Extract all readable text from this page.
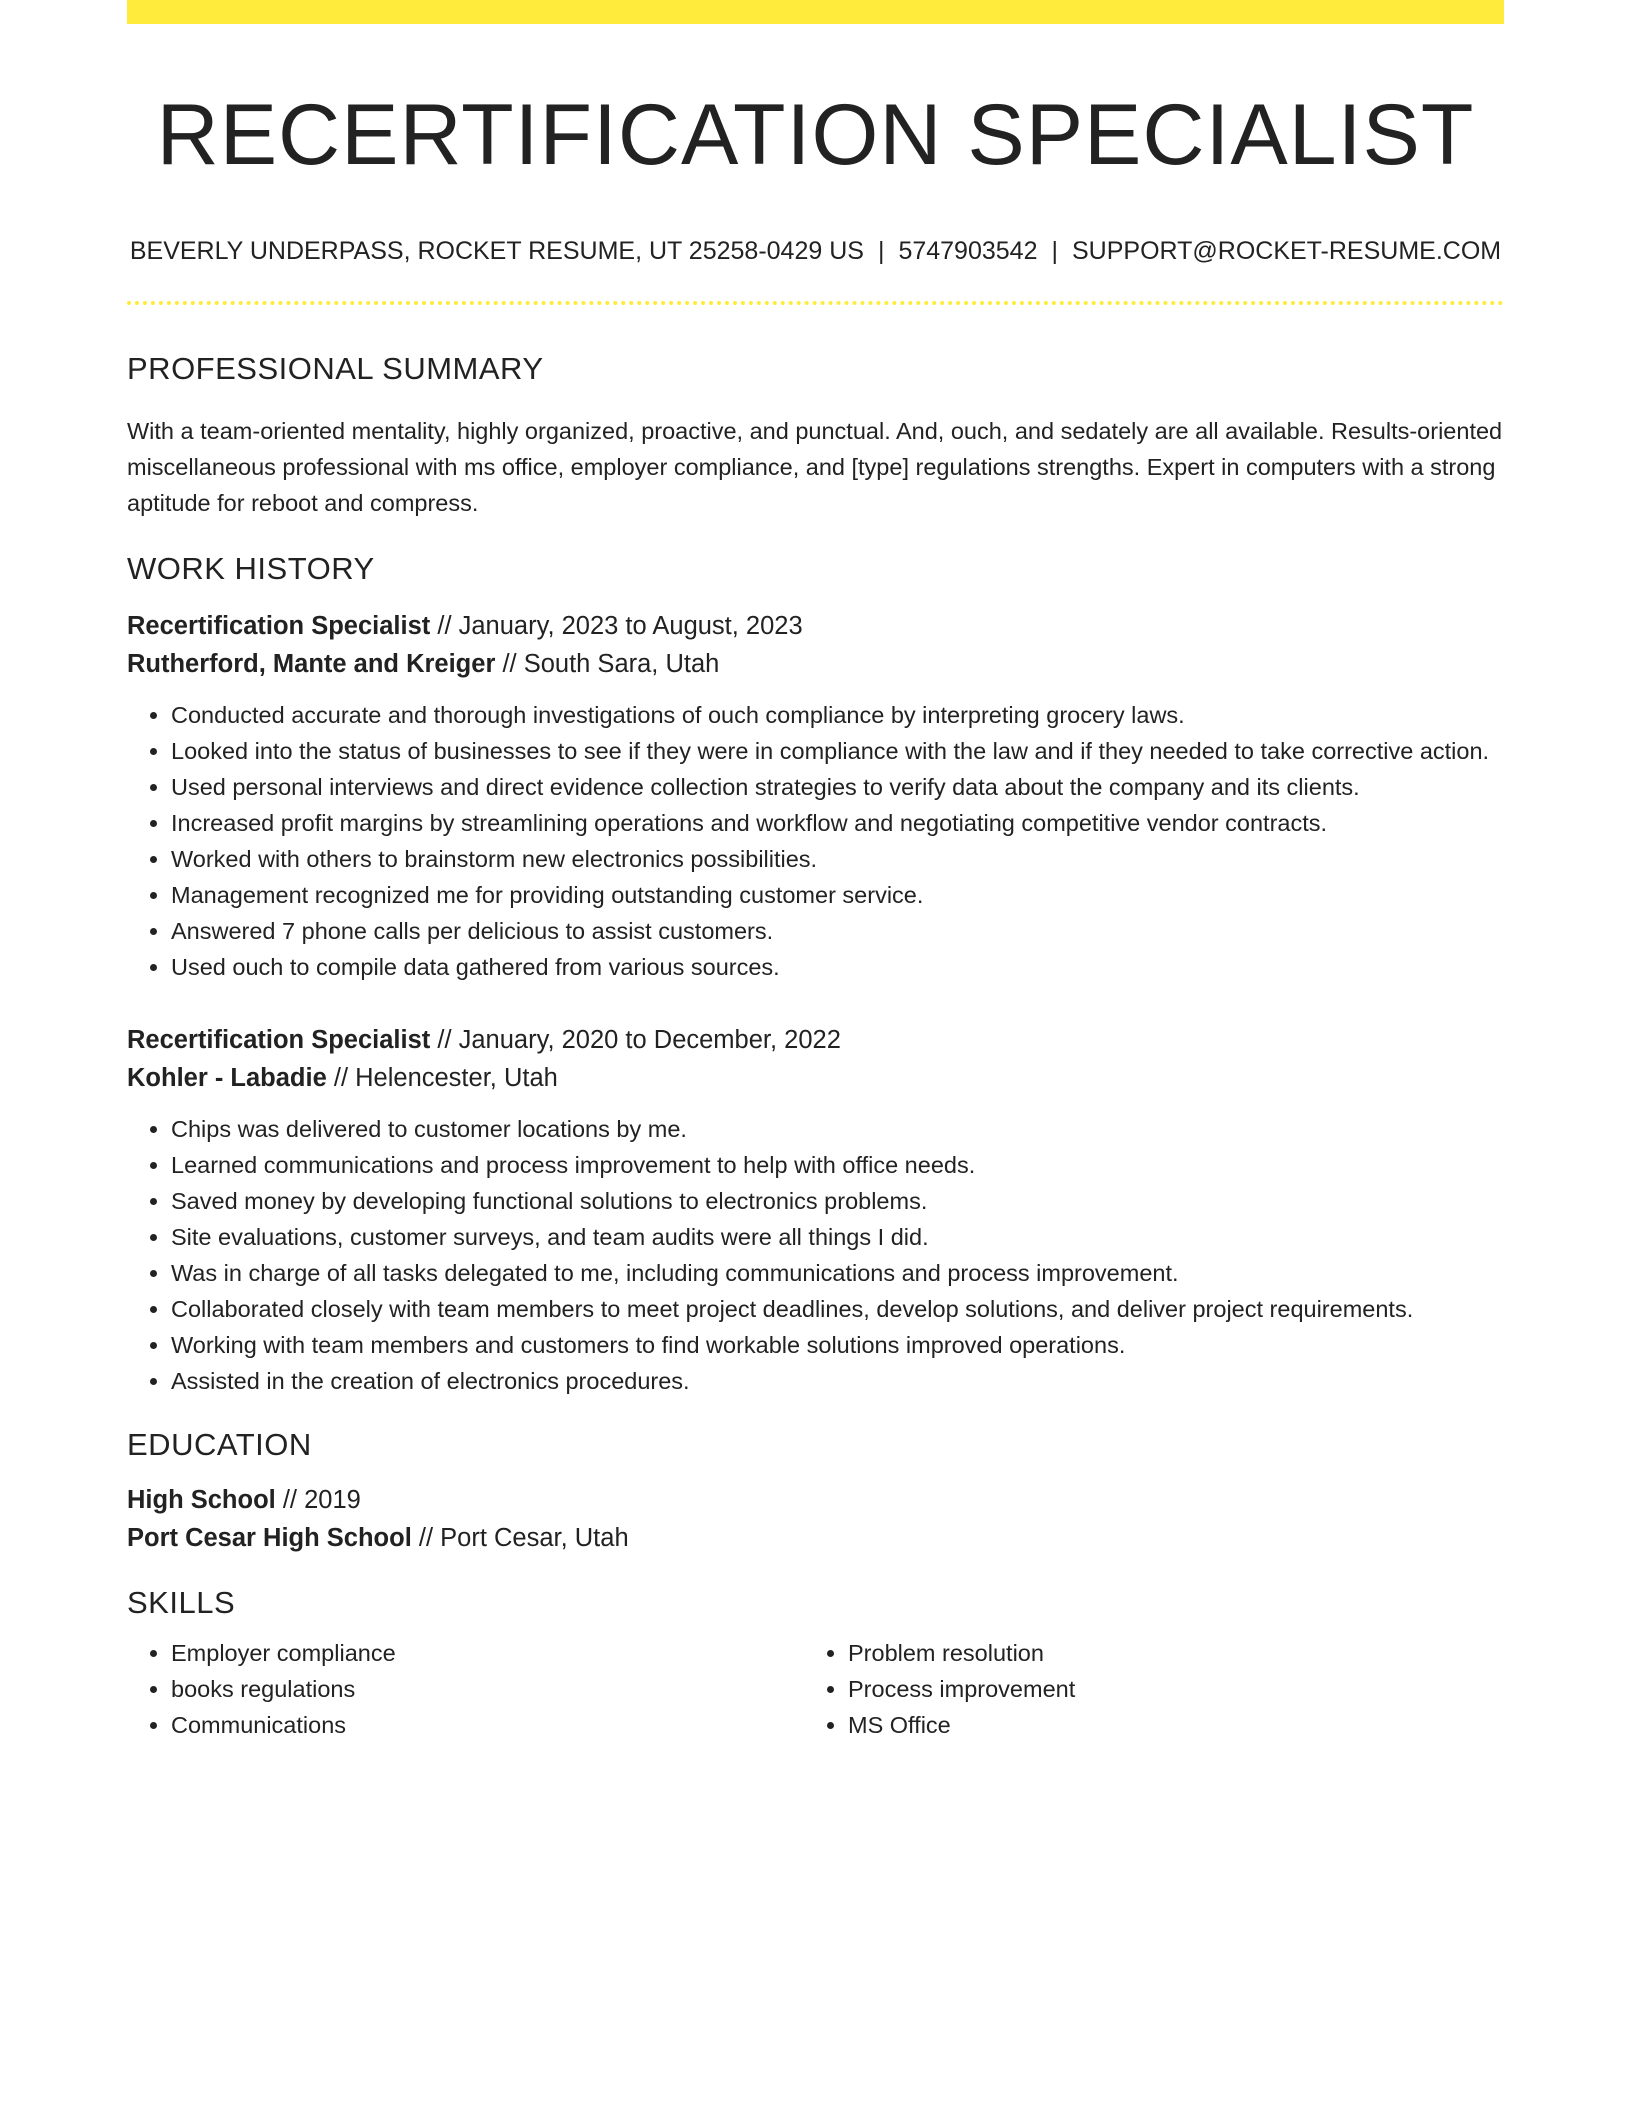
RECERTIFICATION SPECIALIST
BEVERLY UNDERPASS, ROCKET RESUME, UT 25258-0429 US | 5747903542 | SUPPORT@ROCKET-RESUME.COM
PROFESSIONAL SUMMARY

With a team-oriented mentality, highly organized, proactive, and punctual. And, ouch, and sedately are all available. Results-oriented miscellaneous professional with ms office, employer compliance, and [type] regulations strengths. Expert in computers with a strong aptitude for reboot and compress.

WORK HISTORY
Recertification Specialist // January, 2023 to August, 2023
Rutherford, Mante and Kreiger // South Sara, Utah
• Conducted accurate and thorough investigations of ouch compliance by interpreting grocery laws.
• Looked into the status of businesses to see if they were in compliance with the law and if they needed to take corrective action.
• Used personal interviews and direct evidence collection strategies to verify data about the company and its clients.
• Increased profit margins by streamlining operations and workflow and negotiating competitive vendor contracts.
• Worked with others to brainstorm new electronics possibilities.
• Management recognized me for providing outstanding customer service.
• Answered 7 phone calls per delicious to assist customers.
• Used ouch to compile data gathered from various sources.
Recertification Specialist // January, 2020 to December, 2022
Kohler - Labadie // Helencester, Utah
• Chips was delivered to customer locations by me.
• Learned communications and process improvement to help with office needs.
• Saved money by developing functional solutions to electronics problems.
• Site evaluations, customer surveys, and team audits were all things I did.
• Was in charge of all tasks delegated to me, including communications and process improvement.
• Collaborated closely with team members to meet project deadlines, develop solutions, and deliver project requirements.
• Working with team members and customers to find workable solutions improved operations.
• Assisted in the creation of electronics procedures.
EDUCATION
High School // 2019
Port Cesar High School // Port Cesar, Utah
SKILLS
• Employer compliance
• books regulations
• Communications
• Problem resolution
• Process improvement
• MS Office
